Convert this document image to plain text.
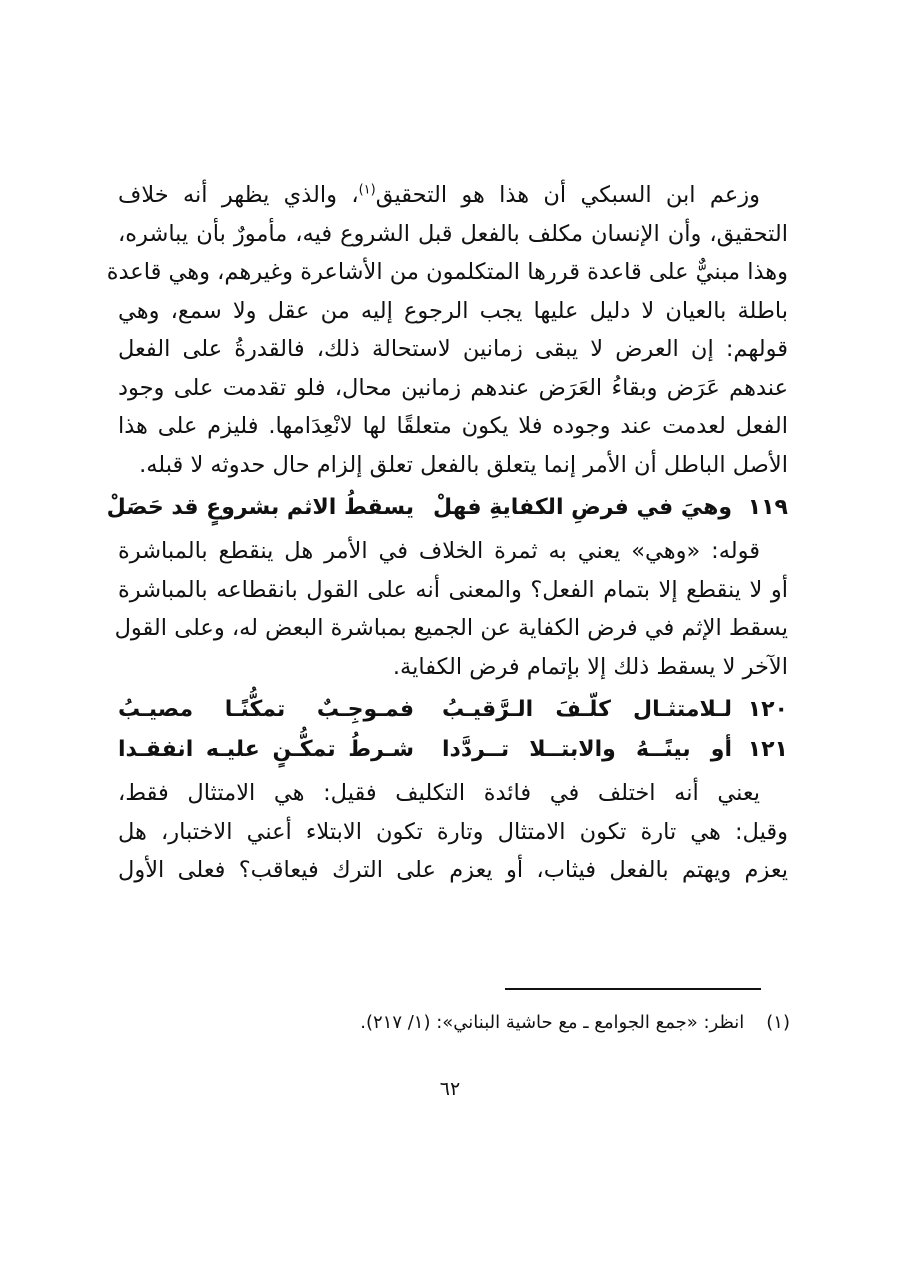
وزعم ابن السبكي أن هذا هو التحقيق$^{(١)}$، والذي يظهر أنه خلاف
التحقيق، وأن الإنسان مكلف بالفعل قبل الشروع فيه، مأمورٌ بأن يباشره،
وهذا مبنيٌّ على قاعدة قررها المتكلمون من الأشاعرة وغيرهم، وهي قاعدة
باطلة بالعيان لا دليل عليها يجب الرجوع إليه من عقل ولا سمع، وهي
قولهم: إن العرض لا يبقى زمانين لاستحالة ذلك، فالقدرةُ على الفعل
عندهم عَرَض وبقاءُ العَرَض عندهم زمانين محال، فلو تقدمت على وجود
الفعل لعدمت عند وجوده فلا يكون متعلقًا لها لانْعِدَامها. فليزم على هذا
الأصل الباطل أن الأمر إنما يتعلق بالفعل تعلق إلزام حال حدوثه لا قبله.
١١٩
وهيَ في فرضِ الكفايةِ فهلْ
يسقطُ الاثم بشروعٍ قد حَصَلْ
قوله: «وهي» يعني به ثمرة الخلاف في الأمر هل ينقطع بالمباشرة
أو لا ينقطع إلا بتمام الفعل؟ والمعنى أنه على القول بانقطاعه بالمباشرة
يسقط الإثم في فرض الكفاية عن الجميع بمباشرة البعض له، وعلى القول
الآخر لا يسقط ذلك إلا بإتمام فرض الكفاية.
١٢٠
لـلامتثـال كلّـفَ الـرَّقيـبُ
فمـوجِـبٌ تمكُّنًـا مصيـبُ
١٢١
أو بينًــهُ والابتــلا تــردَّدا
شـرطُ تمكُّـنٍ عليـه انفقـدا
يعني أنه اختلف في فائدة التكليف فقيل: هي الامتثال فقط،
وقيل: هي تارة تكون الامتثال وتارة تكون الابتلاء أعني الاختبار، هل
يعزم ويهتم بالفعل فيثاب، أو يعزم على الترك فيعاقب؟ فعلى الأول
(١)انظر: «جمع الجوامع ـ مع حاشية البناني»: (١/ ٢١٧).
٦٢
